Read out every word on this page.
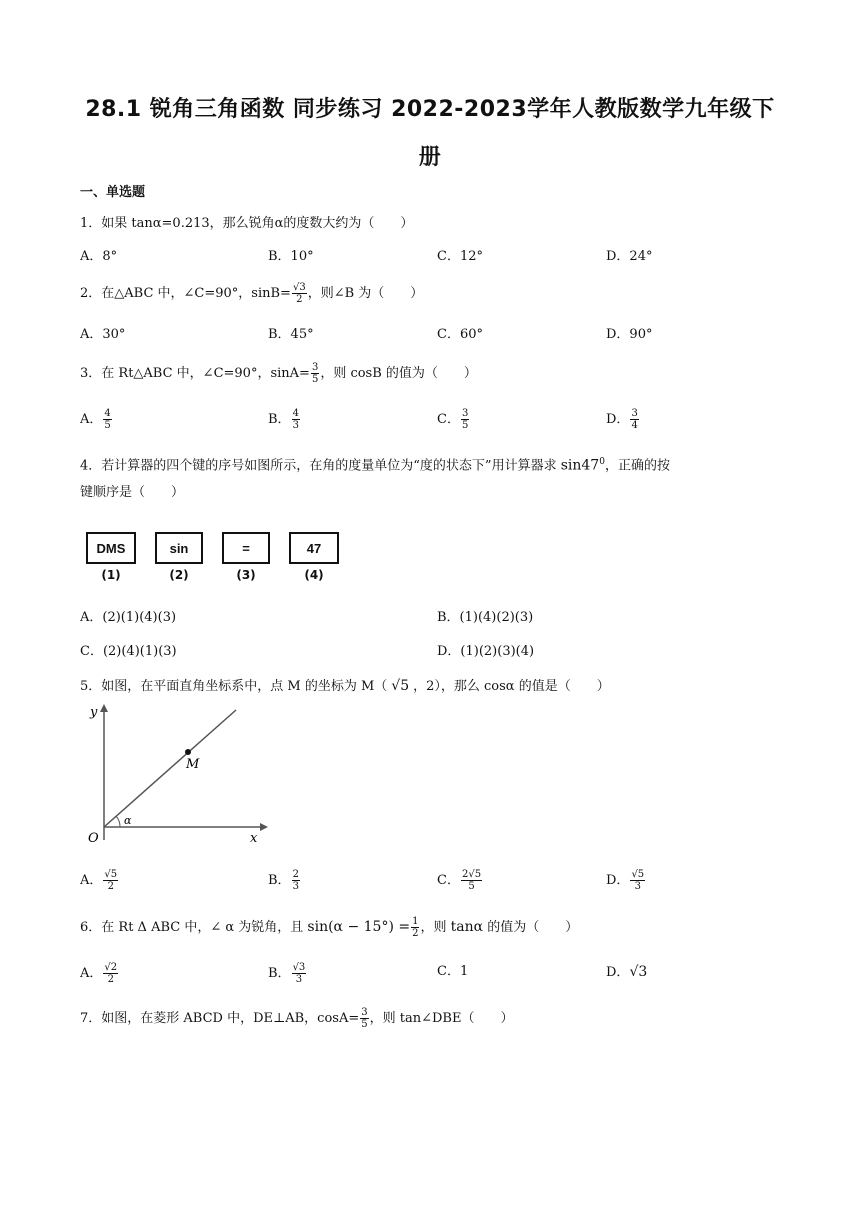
28.1 锐角三角函数 同步练习 2022-2023学年人教版数学九年级下
册
一、单选题
1．如果 tanα=0.213，那么锐角α的度数大约为（　　）
A．8°	B．10°	C．12°	D．24°
2．在△ABC 中，∠C=90°，$\sin B= \frac{√3}{2}$ ，则∠B 为（　　）
A．30°	B．45°	C．60°	D．90°
3．在 Rt△ABC 中，∠C=90°，$\sin A= \frac{3}{5}$ ，则 cosB 的值为（　　）
A． $\frac{4}{5}$	B． $\frac{4}{3}$	C． $\frac{3}{5}$	D． $\frac{3}{4}$
4．若计算器的四个键的序号如图所示，在角的度量单位为“度的状态下”用计算器求 $\sin 47^0$，正确的按
键顺序是（　　）
DMS	sin	=	47
(1)	(2)	(3)	(4)
A．(2)(1)(4)(3)	B．(1)(4)(2)(3)
C．(2)(4)(1)(3)	D．(1)(2)(3)(4)
5．如图，在平面直角坐标系中，点 M 的坐标为 M（ √5 ，2），那么 cosα 的值是（　　）
y
x
O
M
α
A． $\frac{√5}{2}$	B． $\frac{2}{3}$	C． $\frac{2√5}{5}$	D． $\frac{√5}{3}$
6．在 Rt Δ ABC 中，∠ α 为锐角，且 $\sin(\alpha - 15^\circ) = \frac{1}{2}$ ，则 tanα 的值为（　　）
A． $\frac{√2}{2}$	B． $\frac{√3}{3}$	C．1	D．√3
7．如图，在菱形 ABCD 中，DE⊥AB，$\cos A= \frac{3}{5}$ ，则 tan∠DBE（　　）
